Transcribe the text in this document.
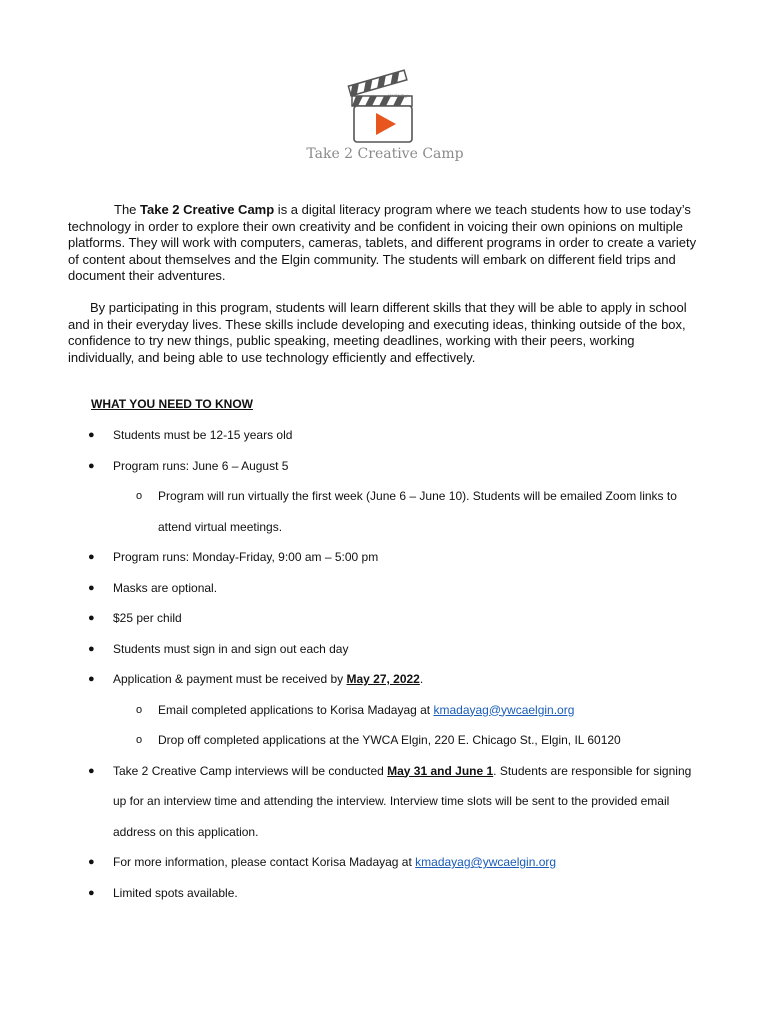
YWCA Elgin
Take 2 Creative Camp

The Take 2 Creative Camp is a digital literacy program where we teach students how to use today’s technology in order to explore their own creativity and be confident in voicing their own opinions on multiple platforms. They will work with computers, cameras, tablets, and different programs in order to create a variety of content about themselves and the Elgin community. The students will embark on different field trips and document their adventures.

By participating in this program, students will learn different skills that they will be able to apply in school and in their everyday lives. These skills include developing and executing ideas, thinking outside of the box, confidence to try new things, public speaking, meeting deadlines, working with their peers, working individually, and being able to use technology efficiently and effectively.

WHAT YOU NEED TO KNOW
● Students must be 12-15 years old
● Program runs: June 6 – August 5
o Program will run virtually the first week (June 6 – June 10). Students will be emailed Zoom links to attend virtual meetings.
● Program runs: Monday-Friday, 9:00 am – 5:00 pm
● Masks are optional.
● $25 per child
● Students must sign in and sign out each day
● Application & payment must be received by May 27, 2022.
o Email completed applications to Korisa Madayag at kmadayag@ywcaelgin.org
o Drop off completed applications at the YWCA Elgin, 220 E. Chicago St., Elgin, IL 60120
● Take 2 Creative Camp interviews will be conducted May 31 and June 1. Students are responsible for signing up for an interview time and attending the interview. Interview time slots will be sent to the provided email address on this application.
● For more information, please contact Korisa Madayag at kmadayag@ywcaelgin.org
● Limited spots available.
